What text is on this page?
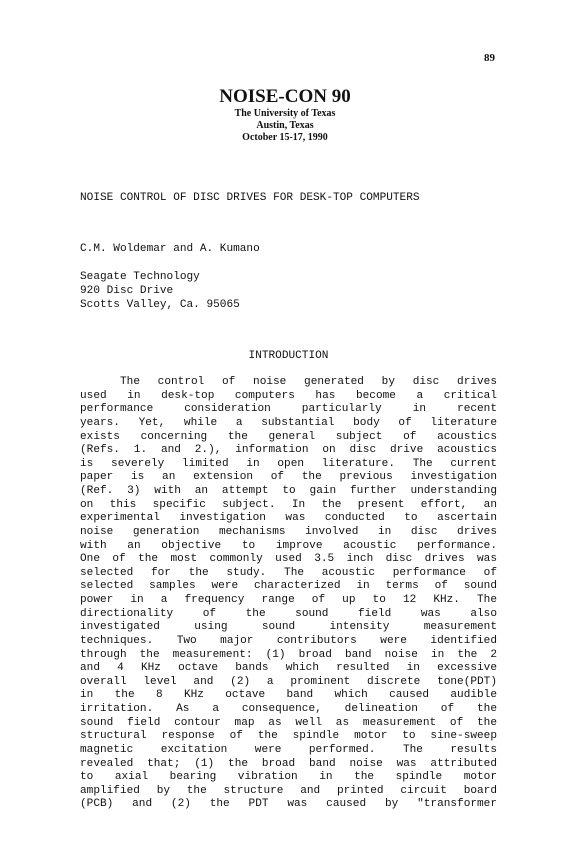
89
NOISE-CON 90
The University of Texas
Austin, Texas
October 15-17, 1990
NOISE CONTROL OF DISC DRIVES FOR DESK-TOP COMPUTERS
C.M. Woldemar and A. Kumano
Seagate Technology
920 Disc Drive
Scotts Valley, Ca. 95065
INTRODUCTION
The control of noise generated by disc drives
used in desk-top computers has become a critical
performance consideration particularly in recent
years. Yet, while a substantial body of literature
exists concerning the general subject of acoustics
(Refs. 1. and 2.), information on disc drive acoustics
is severely limited in open literature. The current
paper is an extension of the previous investigation
(Ref. 3) with an attempt to gain further understanding
on this specific subject. In the present effort, an
experimental investigation was conducted to ascertain
noise generation mechanisms involved in disc drives
with an objective to improve acoustic performance.
One of the most commonly used 3.5 inch disc drives was
selected for the study. The acoustic performance of
selected samples were characterized in terms of sound
power in a frequency range of up to 12 KHz. The
directionality of the sound field was also
investigated using sound intensity measurement
techniques. Two major contributors were identified
through the measurement: (1) broad band noise in the 2
and 4 KHz octave bands which resulted in excessive
overall level and (2) a prominent discrete tone(PDT)
in the 8 KHz octave band which caused audible
irritation. As a consequence, delineation of the
sound field contour map as well as measurement of the
structural response of the spindle motor to sine-sweep
magnetic excitation were performed. The results
revealed that; (1) the broad band noise was attributed
to axial bearing vibration in the spindle motor
amplified by the structure and printed circuit board
(PCB) and (2) the PDT was caused by "transformer
